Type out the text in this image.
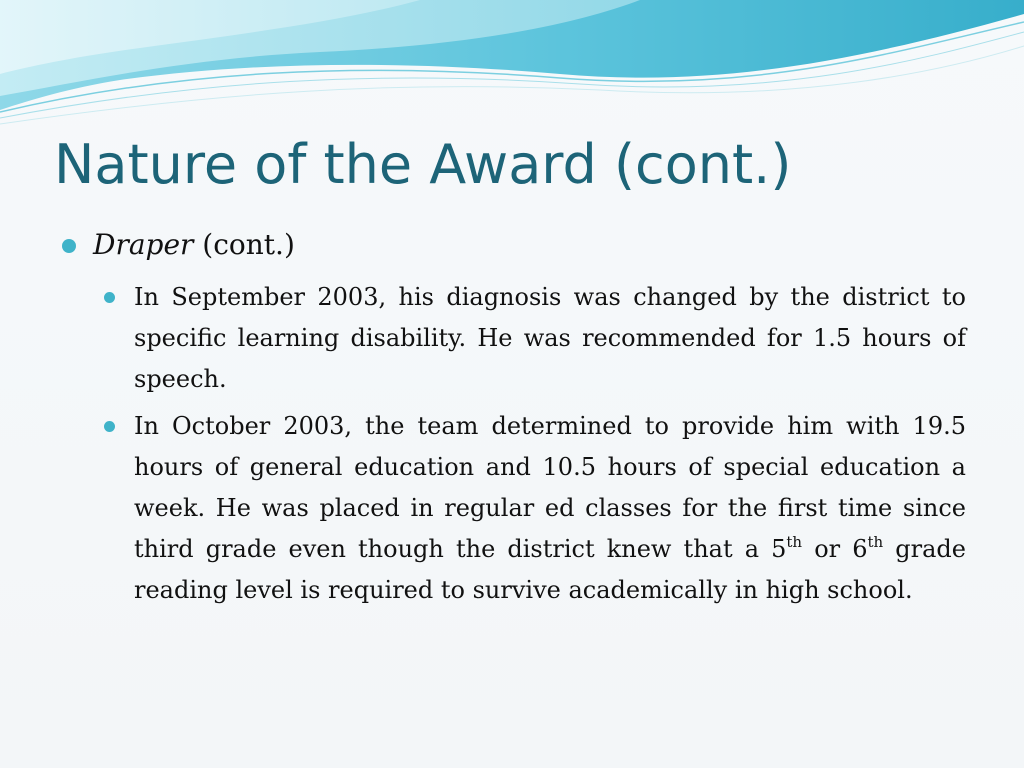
Nature of the Award (cont.)
Draper (cont.)
In September 2003, his diagnosis was changed by the district to specific learning disability. He was recommended for 1.5 hours of speech.
In October 2003, the team determined to provide him with 19.5 hours of general education and 10.5 hours of special education a week. He was placed in regular ed classes for the first time since third grade even though the district knew that a 5th or 6th grade reading level is required to survive academically in high school.
